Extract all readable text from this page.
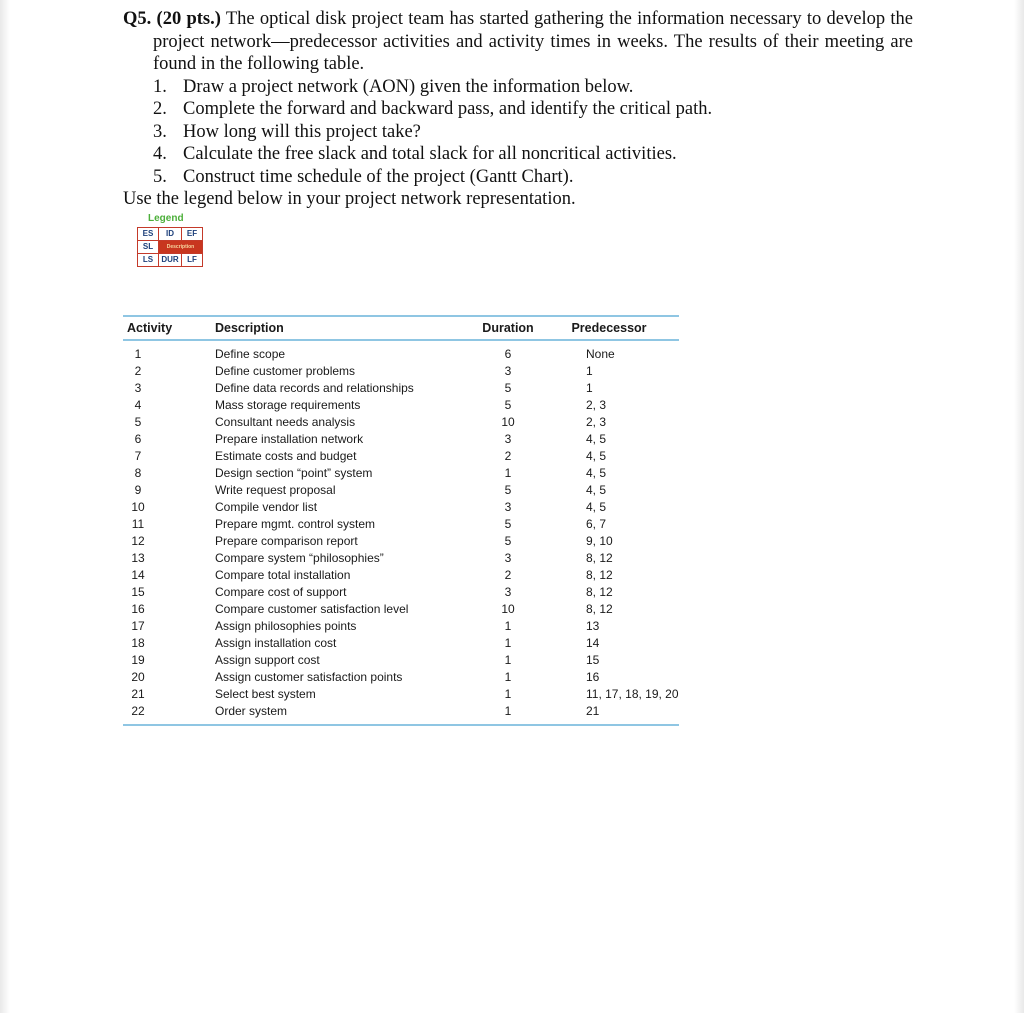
Q5. (20 pts.) The optical disk project team has started gathering the information necessary to develop the project network—predecessor activities and activity times in weeks. The results of their meeting are found in the following table.
1. Draw a project network (AON) given the information below.
2. Complete the forward and backward pass, and identify the critical path.
3. How long will this project take?
4. Calculate the free slack and total slack for all noncritical activities.
5. Construct time schedule of the project (Gantt Chart).
Use the legend below in your project network representation.
Legend
ES	ID	EF
SL	Description	
LS	DUR	LF
Activity	Description	Duration	Predecessor
1	Define scope	6	None
2	Define customer problems	3	1
3	Define data records and relationships	5	1
4	Mass storage requirements	5	2, 3
5	Consultant needs analysis	10	2, 3
6	Prepare installation network	3	4, 5
7	Estimate costs and budget	2	4, 5
8	Design section “point” system	1	4, 5
9	Write request proposal	5	4, 5
10	Compile vendor list	3	4, 5
11	Prepare mgmt. control system	5	6, 7
12	Prepare comparison report	5	9, 10
13	Compare system “philosophies”	3	8, 12
14	Compare total installation	2	8, 12
15	Compare cost of support	3	8, 12
16	Compare customer satisfaction level	10	8, 12
17	Assign philosophies points	1	13
18	Assign installation cost	1	14
19	Assign support cost	1	15
20	Assign customer satisfaction points	1	16
21	Select best system	1	11, 17, 18, 19, 20
22	Order system	1	21
